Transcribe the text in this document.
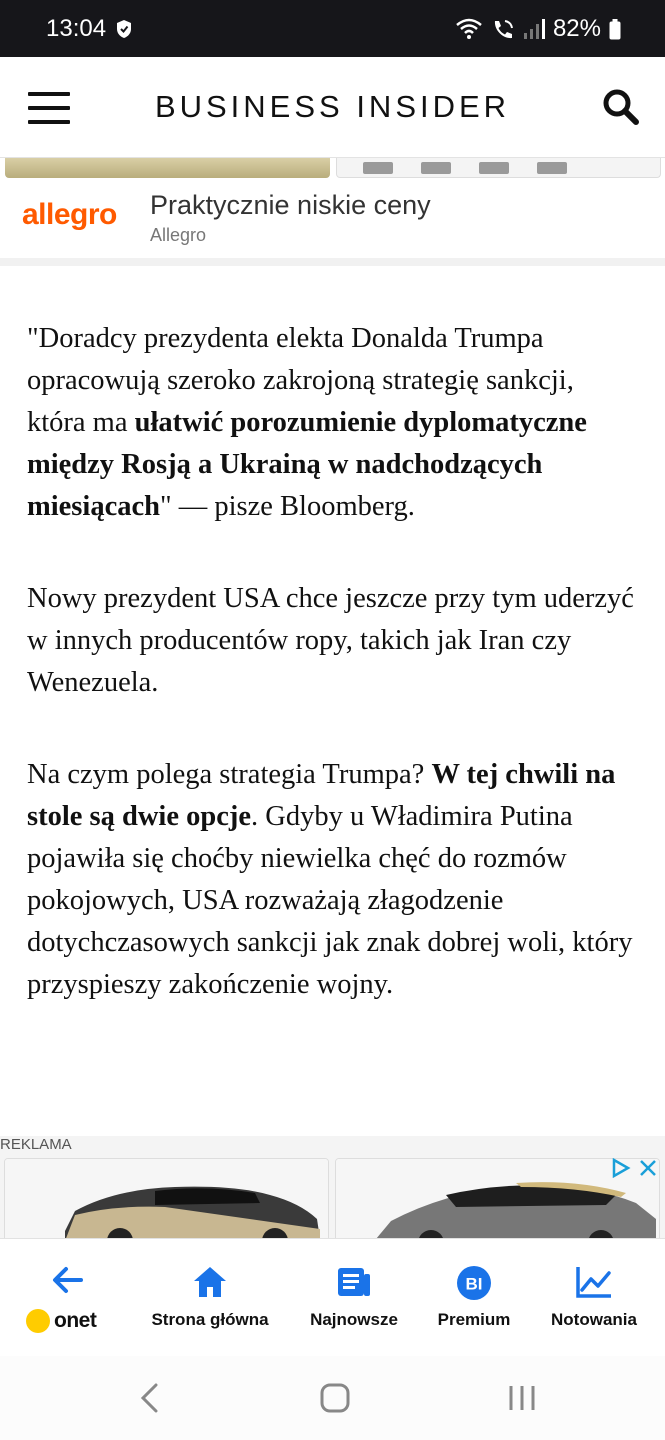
13:04	82%
BUSINESS INSIDER
allegro Praktycznie niskie ceny
Allegro

"Doradcy prezydenta elekta Donalda Trumpa opracowują szeroko zakrojoną strategię sankcji, która ma ułatwić porozumienie dyplomatyczne między Rosją a Ukrainą w nadchodzących miesiącach" — pisze Bloomberg.

Nowy prezydent USA chce jeszcze przy tym uderzyć w innych producentów ropy, takich jak Iran czy Wenezuela.

Na czym polega strategia Trumpa? W tej chwili na stole są dwie opcje. Gdyby u Władimira Putina pojawiła się choćby niewielka chęć do rozmów pokojowych, USA rozważają złagodzenie dotychczasowych sankcji jak znak dobrej woli, który przyspieszy zakończenie wojny.

REKLAMA
onet	Strona główna Najnowsze
BI
Premium Notowania
